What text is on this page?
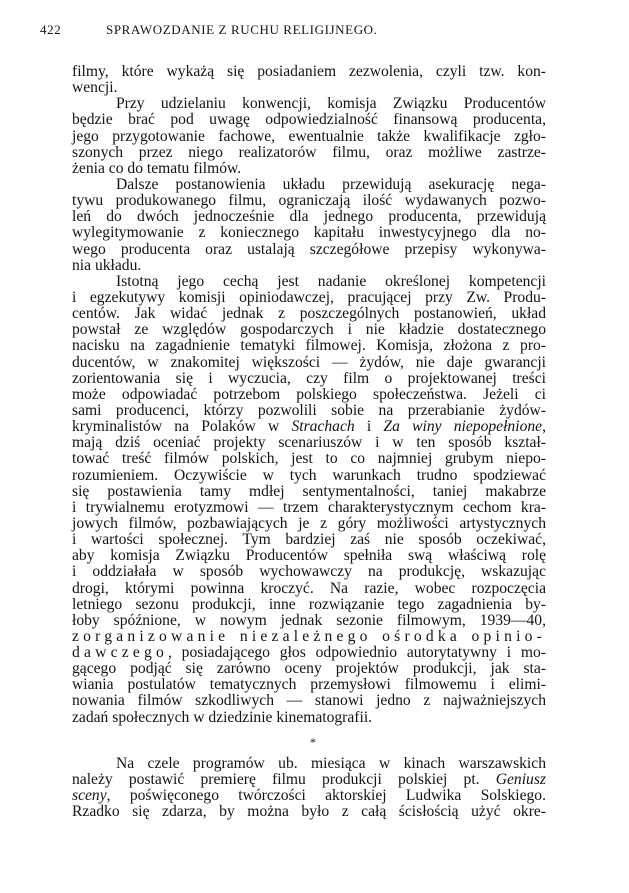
422	SPRAWOZDANIE Z RUCHU RELIGIJNEGO.
filmy, które wykażą się posiadaniem zezwolenia, czyli tzw. kon-
wencji.
Przy udzielaniu konwencji, komisja Związku Producentów
będzie brać pod uwagę odpowiedzialność finansową producenta,
jego przygotowanie fachowe, ewentualnie także kwalifikacje zgło-
szonych przez niego realizatorów filmu, oraz możliwe zastrze-
żenia co do tematu filmów.
Dalsze postanowienia układu przewidują asekurację nega-
tywu produkowanego filmu, ograniczają ilość wydawanych pozwo-
leń do dwóch jednocześnie dla jednego producenta, przewidują
wylegitymowanie z koniecznego kapitału inwestycyjnego dla no-
wego producenta oraz ustalają szczegółowe przepisy wykonywa-
nia układu.
Istotną jego cechą jest nadanie określonej kompetencji
i egzekutywy komisji opiniodawczej, pracującej przy Zw. Produ-
centów. Jak widać jednak z poszczególnych postanowień, układ
powstał ze względów gospodarczych i nie kładzie dostatecznego
nacisku na zagadnienie tematyki filmowej. Komisja, złożona z pro-
ducentów, w znakomitej większości — żydów, nie daje gwarancji
zorientowania się i wyczucia, czy film o projektowanej treści
może odpowiadać potrzebom polskiego społeczeństwa. Jeżeli ci
sami producenci, którzy pozwolili sobie na przerabianie żydów-
kryminalistów na Polaków w Strachach i Za winy niepopełnione,
mają dziś oceniać projekty scenariuszów i w ten sposób kształ-
tować treść filmów polskich, jest to co najmniej grubym niepo-
rozumieniem. Oczywiście w tych warunkach trudno spodziewać
się postawienia tamy mdłej sentymentalności, taniej makabrze
i trywialnemu erotyzmowi — trzem charakterystycznym cechom kra-
jowych filmów, pozbawiających je z góry możliwości artystycznych
i wartości społecznej. Tym bardziej zaś nie sposób oczekiwać,
aby komisja Związku Producentów spełniła swą właściwą rolę
i oddziałała w sposób wychowawczy na produkcję, wskazując
drogi, którymi powinna kroczyć. Na razie, wobec rozpoczęcia
letniego sezonu produkcji, inne rozwiązanie tego zagadnienia by-
łoby spóźnione, w nowym jednak sezonie filmowym, 1939—40,
zorganizowanie niezależnego ośrodka opinio-
dawczego, posiadającego głos odpowiednio autorytatywny i mo-
gącego podjąć się zarówno oceny projektów produkcji, jak sta-
wiania postulatów tematycznych przemysłowi filmowemu i elimi-
nowania filmów szkodliwych — stanowi jedno z najważniejszych
zadań społecznych w dziedzinie kinematografii.
*
Na czele programów ub. miesiąca w kinach warszawskich
należy postawić premierę filmu produkcji polskiej pt. Geniusz
sceny, poświęconego twórczości aktorskiej Ludwika Solskiego.
Rzadko się zdarza, by można było z całą ścisłością użyć okre-
